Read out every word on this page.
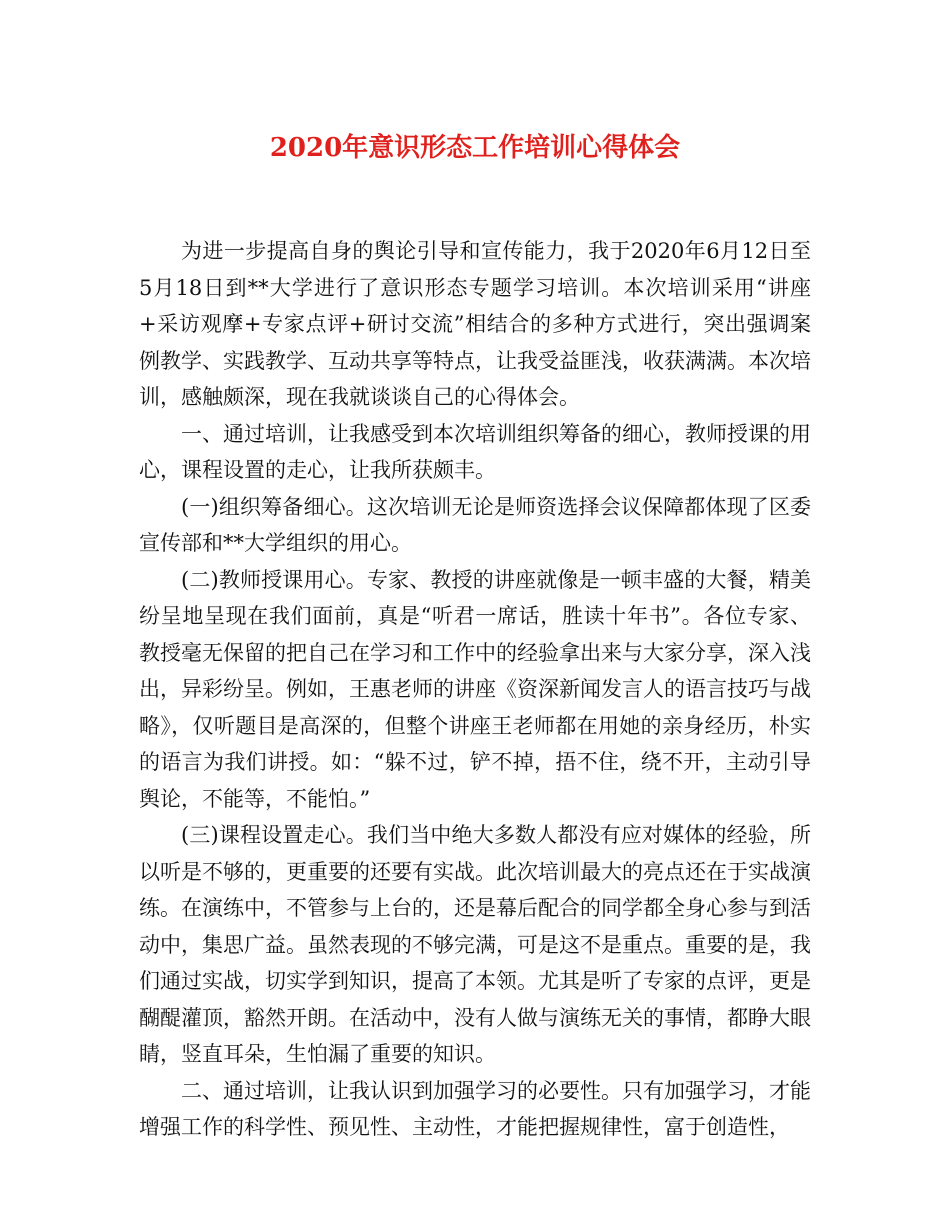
2020年意识形态工作培训心得体会

为进一步提高自身的舆论引导和宣传能力，我于2020年6月12日至5月18日到**大学进行了意识形态专题学习培训。本次培训采用“讲座+采访观摩+专家点评+研讨交流”相结合的多种方式进行，突出强调案例教学、实践教学、互动共享等特点，让我受益匪浅，收获满满。本次培训，感触颇深，现在我就谈谈自己的心得体会。

一、通过培训，让我感受到本次培训组织筹备的细心，教师授课的用心，课程设置的走心，让我所获颇丰。

(一)组织筹备细心。这次培训无论是师资选择会议保障都体现了区委宣传部和**大学组织的用心。

(二)教师授课用心。专家、教授的讲座就像是一顿丰盛的大餐，精美纷呈地呈现在我们面前，真是“听君一席话，胜读十年书”。各位专家、教授毫无保留的把自己在学习和工作中的经验拿出来与大家分享，深入浅出，异彩纷呈。例如，王惠老师的讲座《资深新闻发言人的语言技巧与战略》，仅听题目是高深的，但整个讲座王老师都在用她的亲身经历，朴实的语言为我们讲授。如：“躲不过，铲不掉，捂不住，绕不开，主动引导舆论，不能等，不能怕。”

(三)课程设置走心。我们当中绝大多数人都没有应对媒体的经验，所以听是不够的，更重要的还要有实战。此次培训最大的亮点还在于实战演练。在演练中，不管参与上台的，还是幕后配合的同学都全身心参与到活动中，集思广益。虽然表现的不够完满，可是这不是重点。重要的是，我们通过实战，切实学到知识，提高了本领。尤其是听了专家的点评，更是醐醍灌顶，豁然开朗。在活动中，没有人做与演练无关的事情，都睁大眼睛，竖直耳朵，生怕漏了重要的知识。

二、通过培训，让我认识到加强学习的必要性。只有加强学习，才能增强工作的科学性、预见性、主动性，才能把握规律性，富于创造性，
